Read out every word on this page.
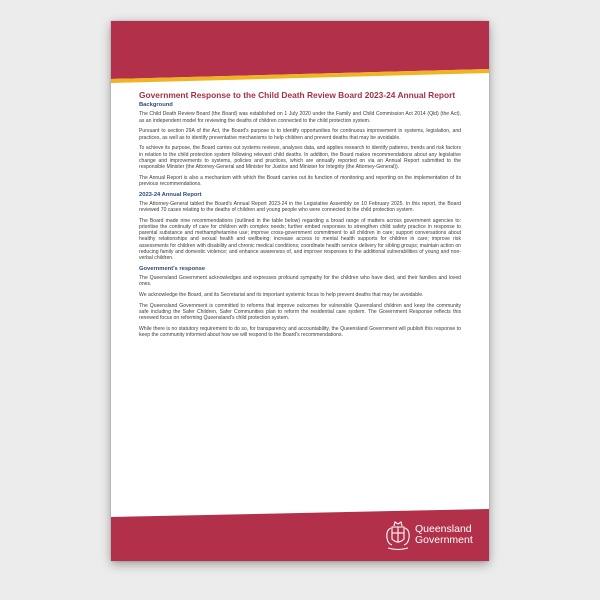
Government Response to the Child Death Review Board 2023-24 Annual Report
Background

The Child Death Review Board (the Board) was established on 1 July 2020 under the Family and Child Commission Act 2014 (Qld) (the Act), as an independent model for reviewing the deaths of children connected to the child protection system.

Pursuant to section 29A of the Act, the Board's purpose is to identify opportunities for continuous improvement in systems, legislation, and practices, as well as to identify preventative mechanisms to help children and prevent deaths that may be avoidable.

To achieve its purpose, the Board carries out systems reviews, analyses data, and applies research to identify patterns, trends and risk factors in relation to the child protection system following relevant child deaths. In addition, the Board makes recommendations about any legislative change and improvements to systems, policies and practices, which are annually reported on via an Annual Report submitted to the responsible Minister (the Attorney-General and Minister for Justice and Minister for Integrity (the Attorney-General)).

The Annual Report is also a mechanism with which the Board carries out its function of monitoring and reporting on the implementation of its previous recommendations.

2023-24 Annual Report

The Attorney-General tabled the Board's Annual Report 2023-24 in the Legislative Assembly on 10 February 2025. In this report, the Board reviewed 70 cases relating to the deaths of children and young people who were connected to the child protection system.

The Board made nine recommendations (outlined in the table below) regarding a broad range of matters across government agencies to: prioritise the continuity of care for children with complex needs; further embed responses to strengthen child safety practice in response to parental substance and methamphetamine use; improve cross-government commitment to all children in care; support conversations about healthy relationships and sexual health and wellbeing; increase access to mental health supports for children in care; improve risk assessments for children with disability and chronic medical conditions; coordinate health service delivery for sibling groups; maintain action on reducing family and domestic violence; and enhance awareness of, and improve responses to the additional vulnerabilities of young and non-verbal children.

Government's response

The Queensland Government acknowledges and expresses profound sympathy for the children who have died, and their families and loved ones.

We acknowledge the Board, and its Secretariat and its important systemic focus to help prevent deaths that may be avoidable.

The Queensland Government is committed to reforms that improve outcomes for vulnerable Queensland children and keep the community safe including the Safer Children, Safer Communities plan to reform the residential care system. The Government Response reflects this renewed focus on reforming Queensland's child protection system.

While there is no statutory requirement to do so, for transparency and accountability, the Queensland Government will publish this response to keep the community informed about how we will respond to the Board's recommendations.

Queensland
Government
